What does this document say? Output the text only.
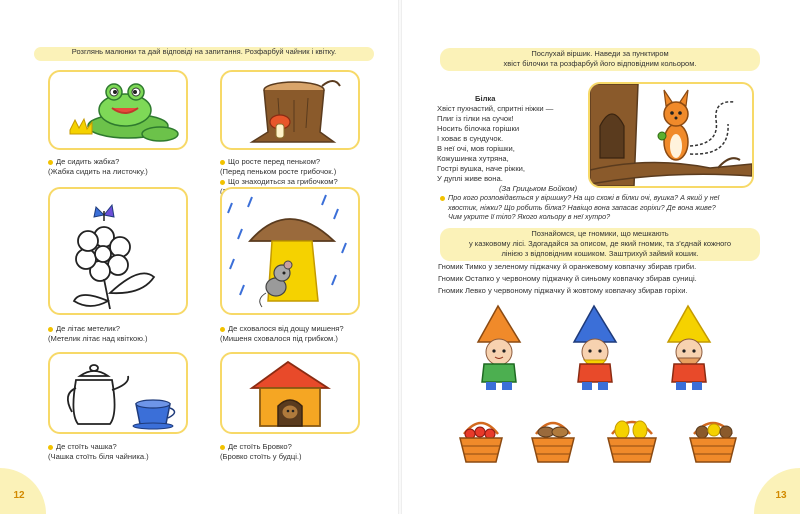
Розглянь малюнки та дай відповіді на запитання. Розфарбуй чайник і квітку.
Де сидить жабка?
(Жабка сидить на листочку.)
Що росте перед пеньком?
(Перед пеньком росте грибочок.)
Що знаходиться за грибочком?
Де літає метелик?
(Метелик літає над квіткою.)
Де сховалося від дощу мишеня?
(Мишеня сховалося під грибком.)
Де стоїть чашка?
(Чашка стоїть біля чайника.)
Де стоїть Бровко?
(Бровко стоїть у будці.)
12
Послухай віршик. Наведи за пунктиром
хвіст білочки та розфарбуй його відповідним кольором.
Білка
Хвіст пухнастий, спритні ніжки —
Плиг із гілки на сучок!
Носить білочка горішки
І ховає в сундучок.
В неї очі, мов горішки,
Кожушинка хутряна,
Гострі вушка, наче ріжки,
У дуплі живе вона.
(За Грицьком Бойком)
Про кого розповідається у віршику? На що схожі в білки очі, вушка? А який у неї
хвостик, ніжки? Що робить білка? Навіщо вона запасає горіхи? Де вона живе?
Чим укрите її тіло? Якого кольору в неї хутро?
Познайомся, це гномики, що мешкають
у казковому лісі. Здогадайся за описом, де який гномик, та з'єднай кожного
лінією з відповідним кошиком. Заштрихуй зайвий кошик.
Гномик Тимко у зеленому піджачку й оранжевому ковпачку збирав гриби.
Гномик Остапко у червоному піджачку й синьому ковпачку збирав суниці.
Гномик Левко у червоному піджачку й жовтому ковпачку збирав горіхи.
13
